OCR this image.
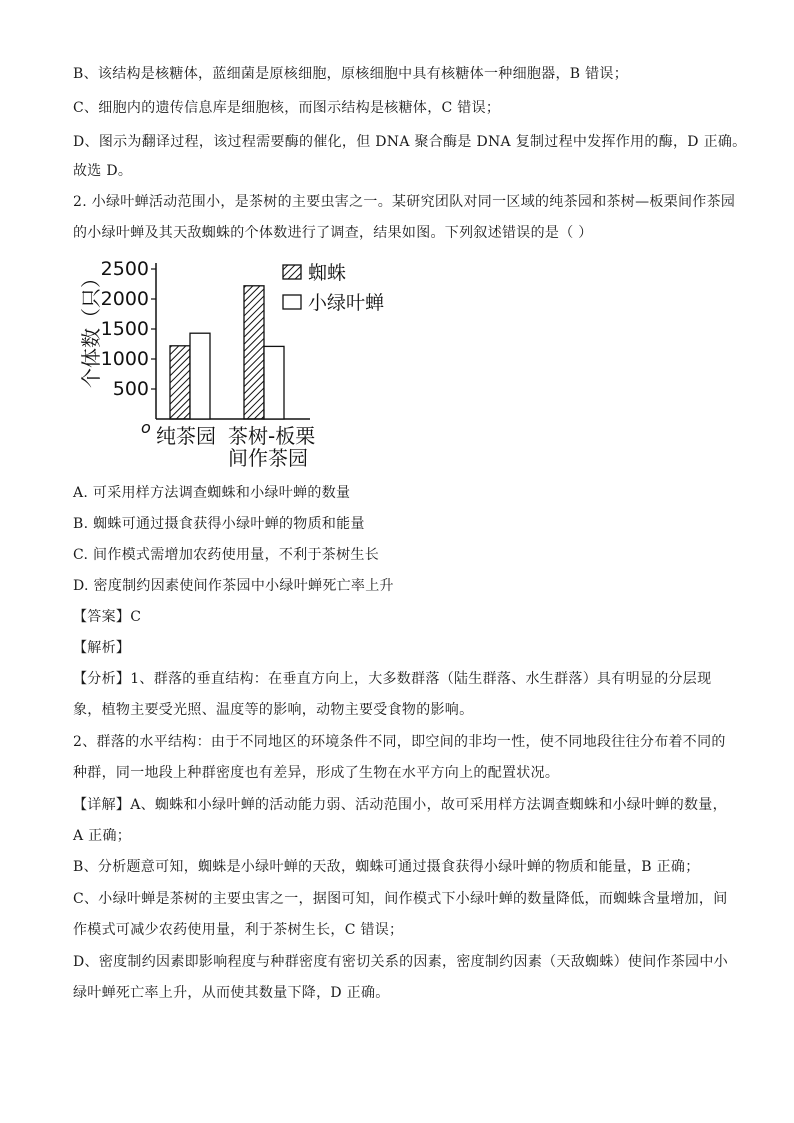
B、该结构是核糖体，蓝细菌是原核细胞，原核细胞中具有核糖体一种细胞器，B 错误；
C、细胞内的遗传信息库是细胞核，而图示结构是核糖体，C 错误；
D、图示为翻译过程，该过程需要酶的催化，但 DNA 聚合酶是 DNA 复制过程中发挥作用的酶，D 正确。
故选 D。
2. 小绿叶蝉活动范围小，是茶树的主要虫害之一。某研究团队对同一区域的纯茶园和茶树—板栗间作茶园
的小绿叶蝉及其天敌蜘蛛的个体数进行了调查，结果如图。下列叙述错误的是（ ）
A. 可采用样方法调查蜘蛛和小绿叶蝉的数量
B. 蜘蛛可通过摄食获得小绿叶蝉的物质和能量
C. 间作模式需增加农药使用量，不利于茶树生长
D. 密度制约因素使间作茶园中小绿叶蝉死亡率上升
【答案】C
【解析】
【分析】1、群落的垂直结构：在垂直方向上，大多数群落（陆生群落、水生群落）具有明显的分层现
象，植物主要受光照、温度等的影响，动物主要受食物的影响。
2、群落的水平结构：由于不同地区的环境条件不同，即空间的非均一性，使不同地段往往分布着不同的
种群，同一地段上种群密度也有差异，形成了生物在水平方向上的配置状况。
【详解】A、蜘蛛和小绿叶蝉的活动能力弱、活动范围小，故可采用样方法调查蜘蛛和小绿叶蝉的数量，
A 正确；
B、分析题意可知，蜘蛛是小绿叶蝉的天敌，蜘蛛可通过摄食获得小绿叶蝉的物质和能量，B 正确；
C、小绿叶蝉是茶树的主要虫害之一，据图可知，间作模式下小绿叶蝉的数量降低，而蜘蛛含量增加，间
作模式可减少农药使用量，利于茶树生长，C 错误；
D、密度制约因素即影响程度与种群密度有密切关系的因素，密度制约因素（天敌蜘蛛）使间作茶园中小
绿叶蝉死亡率上升，从而使其数量下降，D 正确。
500
1000
1500
2000
2500
o
个体数（只）
纯茶园 茶树-板栗
间作茶园
蜘蛛
小绿叶蝉
